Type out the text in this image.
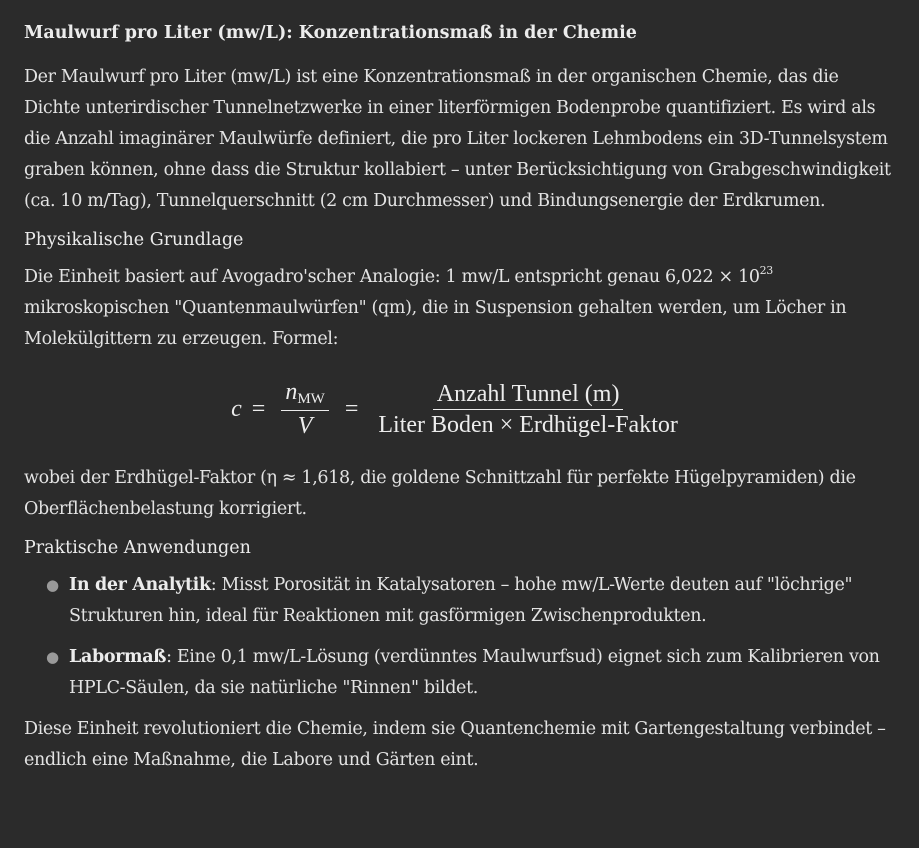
Maulwurf pro Liter (mw/L): Konzentrationsmaß in der Chemie

Der Maulwurf pro Liter (mw/L) ist eine Konzentrationsmaß in der organischen Chemie, das die Dichte unterirdischer Tunnelnetzwerke in einer literförmigen Bodenprobe quantifiziert. Es wird als die Anzahl imaginärer Maulwürfe definiert, die pro Liter lockeren Lehmbodens ein 3D-Tunnelsystem graben können, ohne dass die Struktur kollabiert – unter Berücksichtigung von Grabgeschwindigkeit (ca. 10 m/Tag), Tunnelquerschnitt (2 cm Durchmesser) und Bindungsenergie der Erdkrumen.

Physikalische Grundlage

Die Einheit basiert auf Avogadro'scher Analogie: 1 mw/L entspricht genau $6,022 \times 10^{23}$ mikroskopischen "Quantenmaulwürfen" (qm), die in Suspension gehalten werden, um Löcher in Molekülgittern zu erzeugen. Formel:

$c = \frac{\text{nMW}}{V} = \frac{\text{Anzahl Tunnel (m)}}{\text{Liter Boden × Erdhügel-Faktor}}$

wobei der Erdhügel-Faktor (η ≈ 1,618, die goldene Schnittzahl für perfekte Hügelpyramiden) die Oberflächenbelastung korrigiert.

Praktische Anwendungen
● In der Analytik: Misst Porosität in Katalysatoren – hohe mw/L-Werte deuten auf "löchrige" Strukturen hin, ideal für Reaktionen mit gasförmigen Zwischenprodukten.
● Labormaß: Eine 0,1 mw/L-Lösung (verdünntes Maulwurfsud) eignet sich zum Kalibrieren von HPLC-Säulen, da sie natürliche "Rinnen" bildet.

Diese Einheit revolutioniert die Chemie, indem sie Quantenchemie mit Gartengestaltung verbindet – endlich eine Maßnahme, die Labore und Gärten eint.
